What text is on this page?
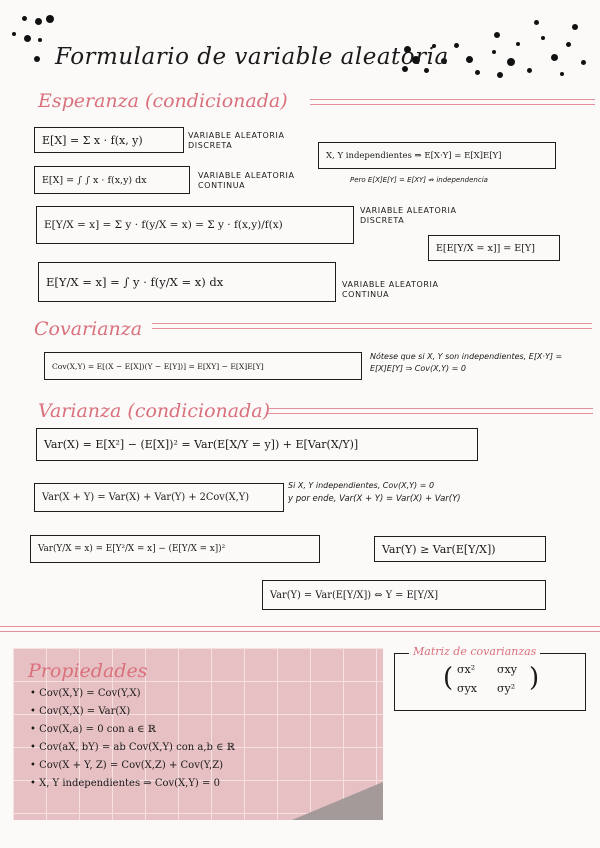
Formulario de variable aleatoria
Esperanza (condicionada)
E[X] = Σ x · f(x, y)	VARIABLE ALEATORIA DISCRETA
E[X] = ∫ ∫ x · f(x,y) dx	VARIABLE ALEATORIA CONTINUA
X, Y independientes ⇒ E[X·Y] = E[X]E[Y]
Pero E[X]E[Y] = E[XY] ⇏ independencia
E[Y/X = x] = Σ y · f(y/X = x) = Σ y · f(x,y)/f(x)
VARIABLE ALEATORIA DISCRETA
E[E[Y/X = x]] = E[Y]
E[Y/X = x] = ∫ y · f(y/X = x) dx	VARIABLE ALEATORIA CONTINUA
Covarianza
Cov(X,Y) = E[(X − E[X])(Y − E[Y])] = E[XY] − E[X]E[Y]
Nótese que si X, Y son independientes, E[X·Y] = E[X]E[Y] ⇒ Cov(X,Y) = 0
Varianza (condicionada)
Var(X) = E[X²] − (E[X])² = Var(E[X/Y = y]) + E[Var(X/Y)]
Var(X + Y) = Var(X) + Var(Y) + 2Cov(X,Y)
Si X, Y independientes, Cov(X,Y) = 0
y por ende, Var(X + Y) = Var(X) + Var(Y)
Var(Y/X = x) = E[Y²/X = x] − (E[Y/X = x])²	Var(Y) ≥ Var(E[Y/X])
Var(Y) = Var(E[Y/X]) ⇔ Y = E[Y/X]
Propiedades
• Cov(X,Y) = Cov(Y,X)
• Cov(X,X) = Var(X)
• Cov(X,a) = 0 con a ∈ ℝ
• Cov(aX, bY) = ab Cov(X,Y) con a,b ∈ ℝ
• Cov(X + Y, Z) = Cov(X,Z) + Cov(Y,Z)
• X, Y independientes ⇒ Cov(X,Y) = 0
( σx² σxy
σyx σy² )
Matriz de covarianzas
